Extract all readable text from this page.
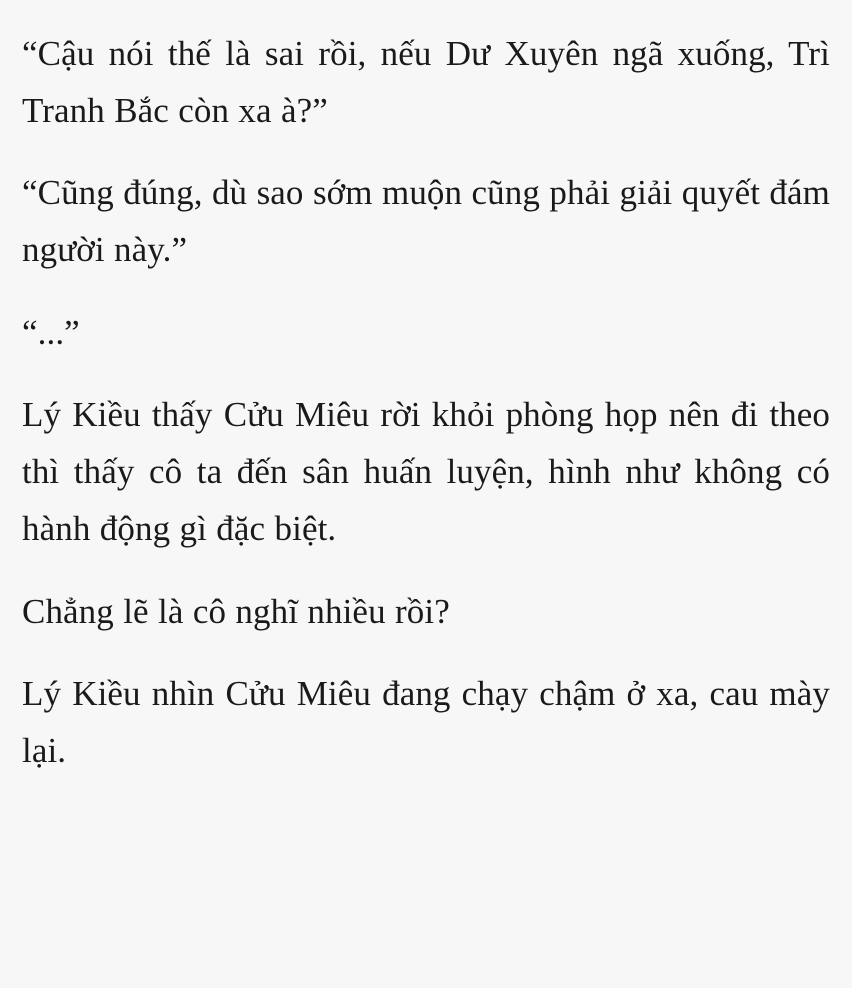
“Cậu nói thế là sai rồi, nếu Dư Xuyên ngã xuống, Trì Tranh Bắc còn xa à?”

“Cũng đúng, dù sao sớm muộn cũng phải giải quyết đám người này.”

“...”

Lý Kiều thấy Cửu Miêu rời khỏi phòng họp nên đi theo thì thấy cô ta đến sân huấn luyện, hình như không có hành động gì đặc biệt.

Chẳng lẽ là cô nghĩ nhiều rồi?

Lý Kiều nhìn Cửu Miêu đang chạy chậm ở xa, cau mày lại.
